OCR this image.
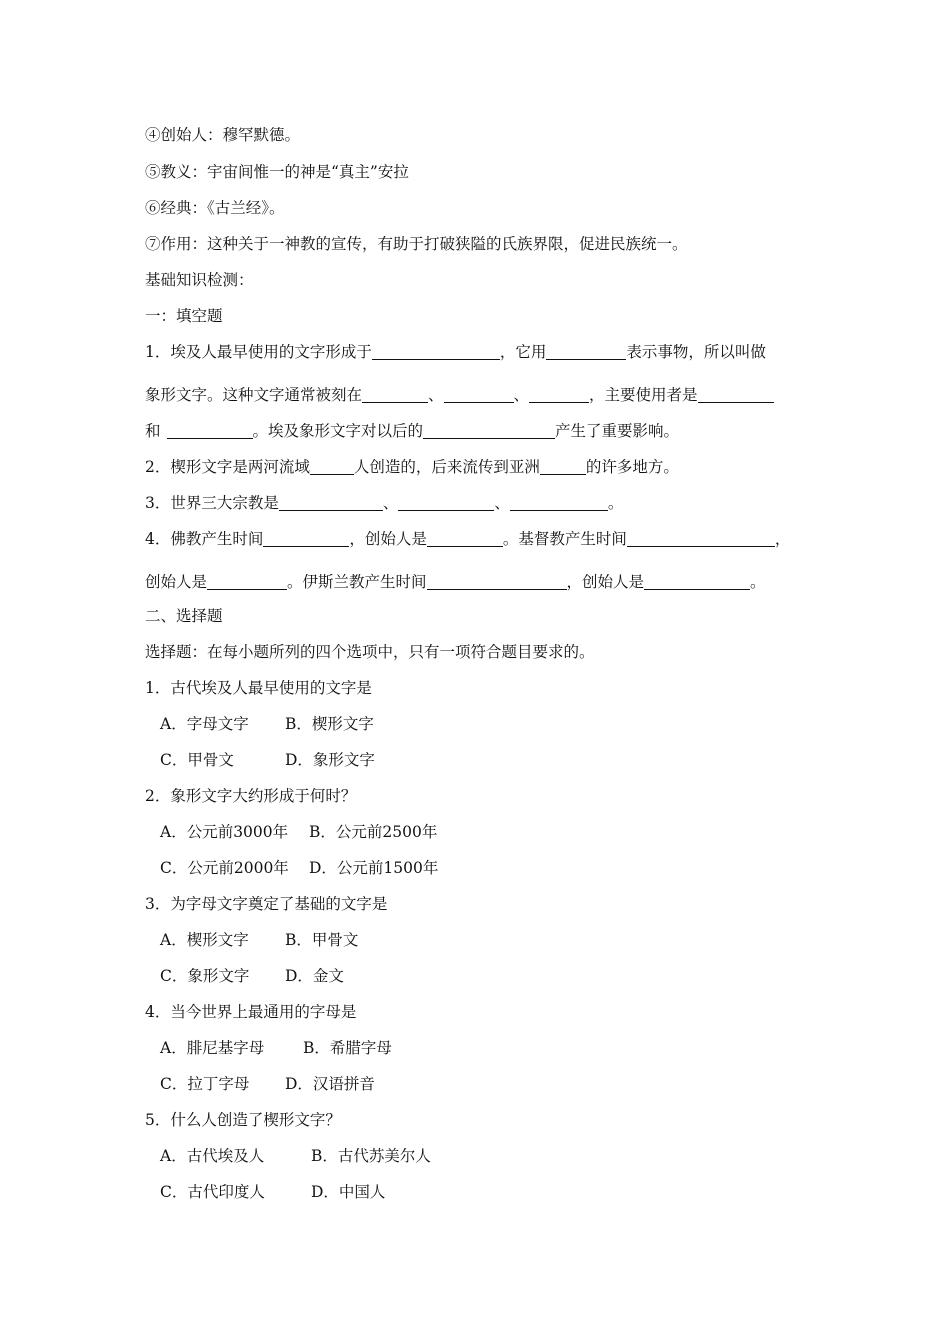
④创始人：穆罕默德。
⑤教义：宇宙间惟一的神是“真主”安拉
⑥经典：《古兰经》。
⑦作用：这种关于一神教的宣传，有助于打破狭隘的氏族界限，促进民族统一。
基础知识检测：
一：填空题
1．埃及人最早使用的文字形成于	，它用	表示事物，所以叫做
象形文字。这种文字通常被刻在	、	、	，主要使用者是
和	。埃及象形文字对以后的	产生了重要影响。
2．楔形文字是两河流域	人创造的，后来流传到亚洲	的许多地方。
3．世界三大宗教是	、	、	。
4．佛教产生时间	，创始人是	。基督教产生时间	，
创始人是	。伊斯兰教产生时间	，创始人是	。
二、选择题
选择题：在每小题所列的四个选项中，只有一项符合题目要求的。
1．古代埃及人最早使用的文字是
A．字母文字 B．楔形文字
C．甲骨文	D．象形文字
2．象形文字大约形成于何时？
A．公元前3000年 B．公元前2500年
C．公元前2000年 D．公元前1500年
3．为字母文字奠定了基础的文字是
A．楔形文字 B．甲骨文
C．象形文字 D．金文
4．当今世界上最通用的字母是
A．腓尼基字母	B．希腊字母
C．拉丁字母 D．汉语拼音
5．什么人创造了楔形文字？
A．古代埃及人	B．古代苏美尔人
C．古代印度人	D．中国人
